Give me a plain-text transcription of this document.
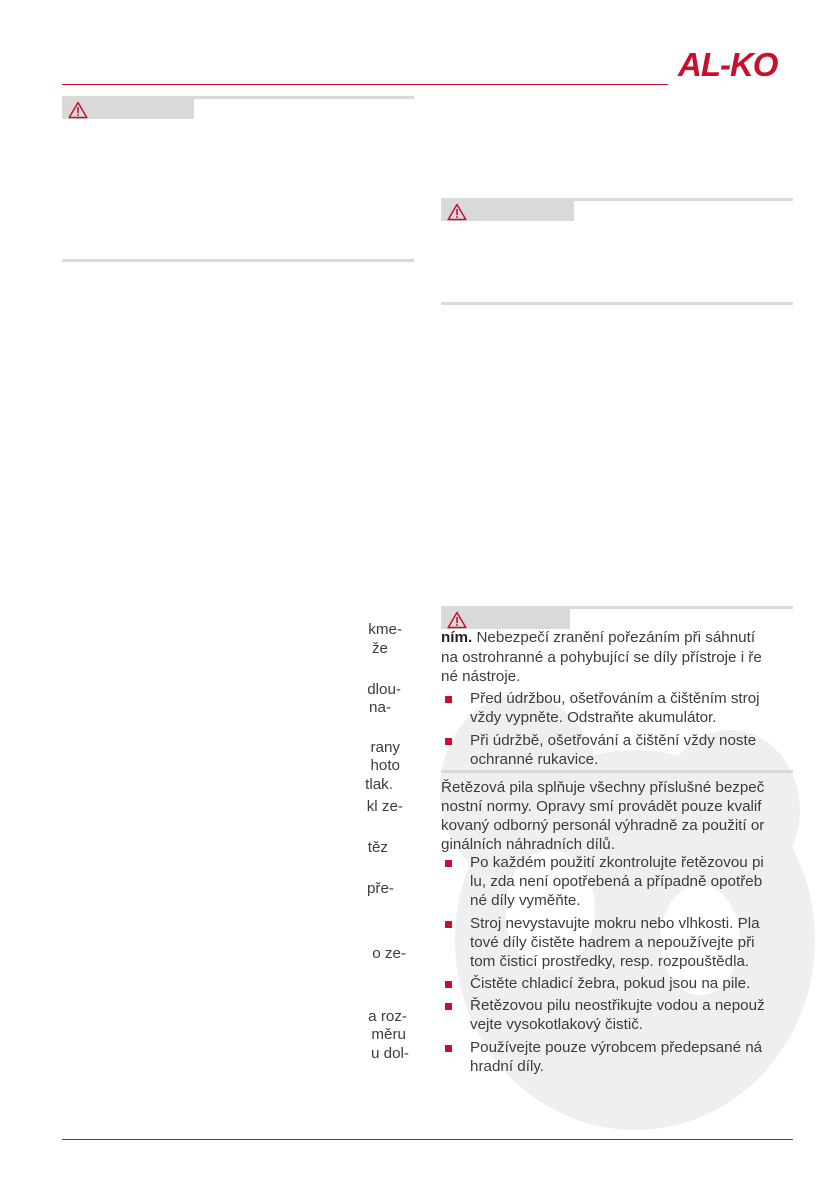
AL-KO
kme-
že
dlou-
na-
rany
hoto
tlak.
kl ze-
těz
pře-
o ze-
a roz-
měru
u dol-
ním. Nebezpečí zranění pořezáním při sáhnutí
na ostrohranné a pohybující se díly přístroje i ře
né nástroje.
Před údržbou, ošetřováním a čištěním stroj
vždy vypněte. Odstraňte akumulátor.
Při údržbě, ošetřování a čištění vždy noste
ochranné rukavice.
Řetězová pila splňuje všechny příslušné bezpeč
nostní normy. Opravy smí provádět pouze kvalif
kovaný odborný personál výhradně za použití or
ginálních náhradních dílů.
Po každém použití zkontrolujte řetězovou pi
lu, zda není opotřebená a případně opotřeb
né díly vyměňte.
Stroj nevystavujte mokru nebo vlhkosti. Pla
tové díly čistěte hadrem a nepoužívejte při
tom čisticí prostředky, resp. rozpouštědla.
Čistěte chladicí žebra, pokud jsou na pile.
Řetězovou pilu neostřikujte vodou a nepouž
vejte vysokotlakový čistič.
Používejte pouze výrobcem předepsané ná
hradní díly.
